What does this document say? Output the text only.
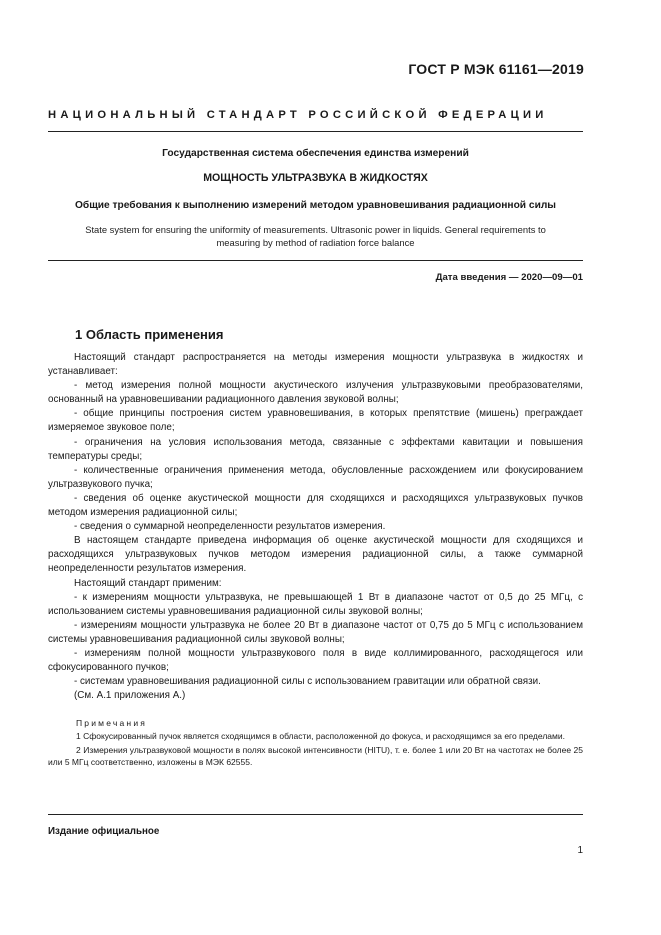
ГОСТ Р МЭК 61161—2019
НАЦИОНАЛЬНЫЙ СТАНДАРТ РОССИЙСКОЙ ФЕДЕРАЦИИ
Государственная система обеспечения единства измерений
МОЩНОСТЬ УЛЬТРАЗВУКА В ЖИДКОСТЯХ
Общие требования к выполнению измерений методом уравновешивания радиационной силы
State system for ensuring the uniformity of measurements. Ultrasonic power in liquids. General requirements to
measuring by method of radiation force balance
Дата введения — 2020—09—01
1 Область применения

Настоящий стандарт распространяется на методы измерения мощности ультразвука в жидкостях и устанавливает:

- метод измерения полной мощности акустического излучения ультразвуковыми преобразователями, основанный на уравновешивании радиационного давления звуковой волны;

- общие принципы построения систем уравновешивания, в которых препятствие (мишень) преграждает измеряемое звуковое поле;

- ограничения на условия использования метода, связанные с эффектами кавитации и повышения температуры среды;

- количественные ограничения применения метода, обусловленные расхождением или фокусированием ультразвукового пучка;

- сведения об оценке акустической мощности для сходящихся и расходящихся ультразвуковых пучков методом измерения радиационной силы;

- сведения о суммарной неопределенности результатов измерения.

В настоящем стандарте приведена информация об оценке акустической мощности для сходящихся и расходящихся ультразвуковых пучков методом измерения радиационной силы, а также суммарной неопределенности результатов измерения.

Настоящий стандарт применим:

- к измерениям мощности ультразвука, не превышающей 1 Вт в диапазоне частот от 0,5 до 25 МГц, с использованием системы уравновешивания радиационной силы звуковой волны;

- измерениям мощности ультразвука не более 20 Вт в диапазоне частот от 0,75 до 5 МГц с использованием системы уравновешивания радиационной силы звуковой волны;

- измерениям полной мощности ультразвукового поля в виде коллимированного, расходящегося или сфокусированного пучков;

- системам уравновешивания радиационной силы с использованием гравитации или обратной связи.

(См. А.1 приложения А.)

Примечания

1 Сфокусированный пучок является сходящимся в области, расположенной до фокуса, и расходящимся за его пределами.

2 Измерения ультразвуковой мощности в полях высокой интенсивности (HITU), т. е. более 1 или 20 Вт на частотах не более 25 или 5 МГц соответственно, изложены в МЭК 62555.

Издание официальное
1
